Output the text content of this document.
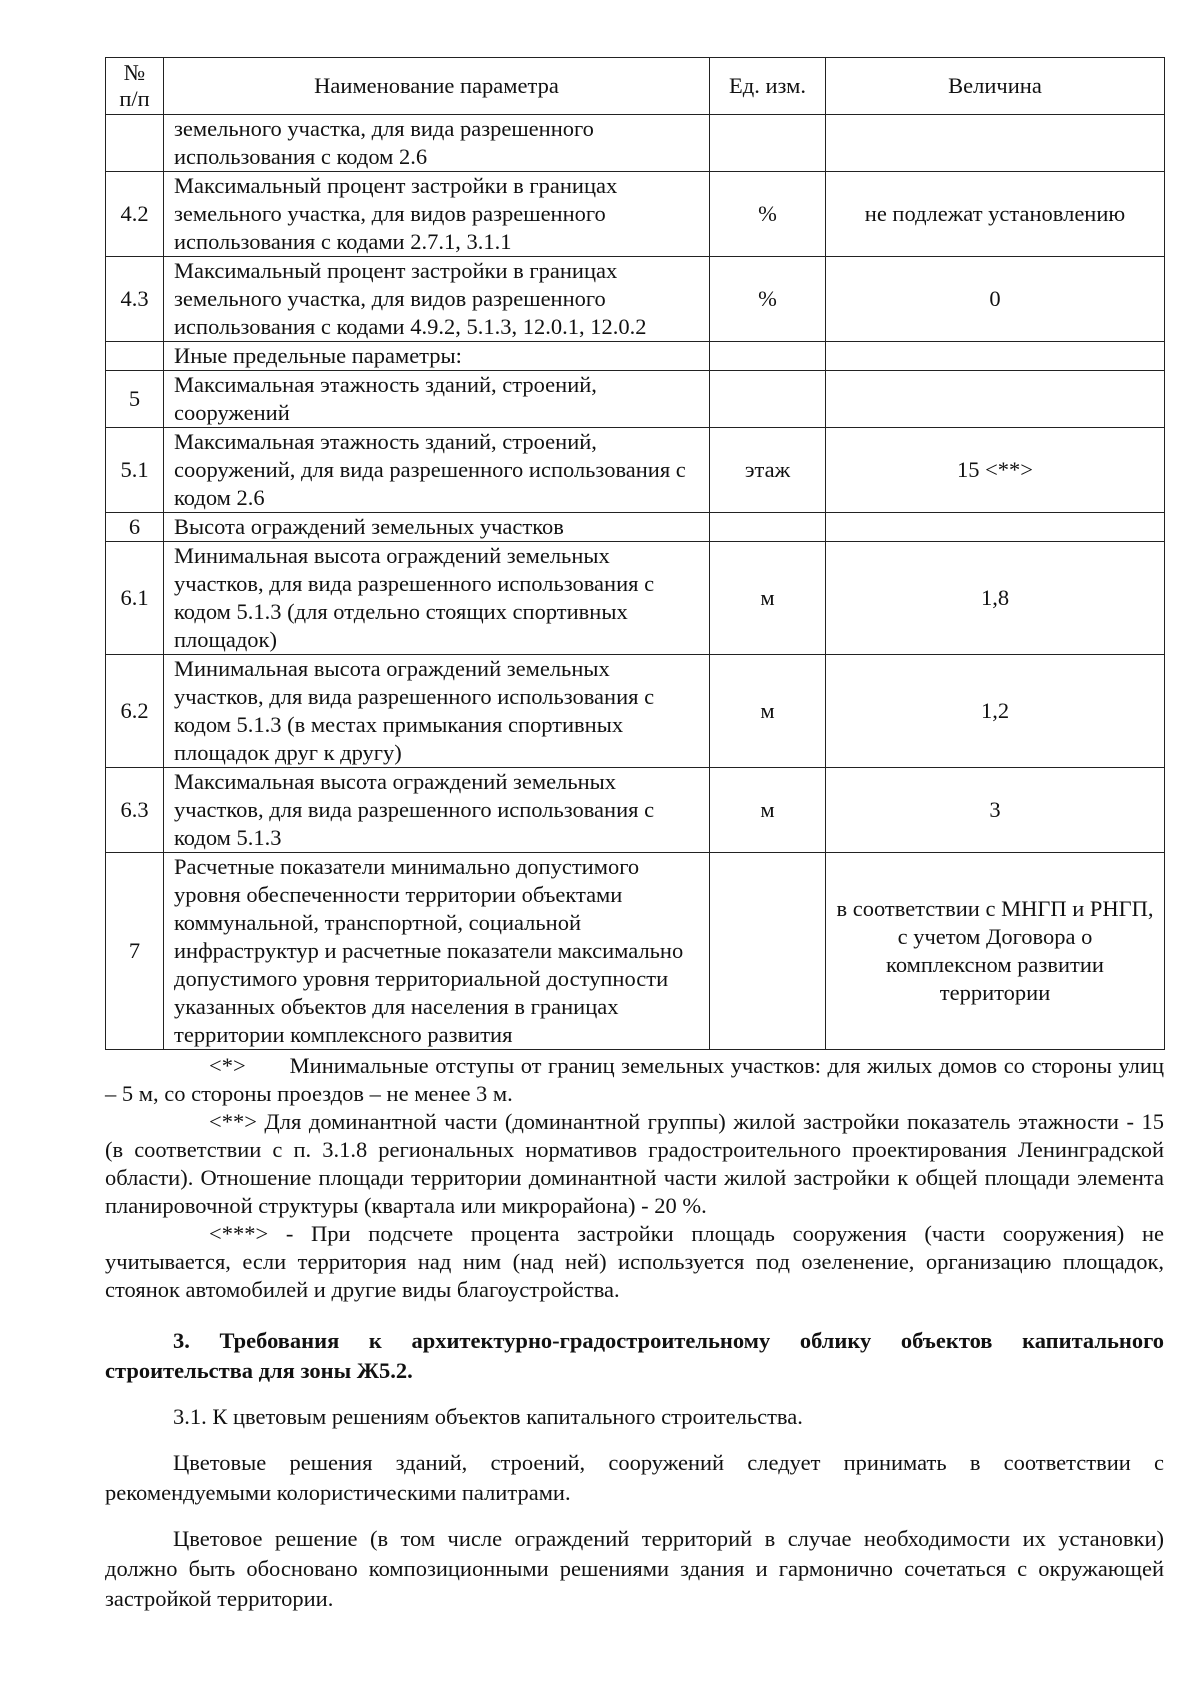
№
п/п	Наименование параметра	Ед. изм.	Величина
	земельного участка, для вида разрешенного использования с кодом 2.6		
4.2	Максимальный процент застройки в границах земельного участка, для видов разрешенного использования с кодами 2.7.1, 3.1.1	%	не подлежат установлению
4.3	Максимальный процент застройки в границах земельного участка, для видов разрешенного использования с кодами 4.9.2, 5.1.3, 12.0.1, 12.0.2	%	0
	Иные предельные параметры:		
5	Максимальная этажность зданий, строений, сооружений		
5.1	Максимальная этажность зданий, строений, сооружений, для вида разрешенного использования с кодом 2.6	этаж	15 <**>
6	Высота ограждений земельных участков		
6.1	Минимальная высота ограждений земельных участков, для вида разрешенного использования с кодом 5.1.3 (для отдельно стоящих спортивных площадок)	м	1,8
6.2	Минимальная высота ограждений земельных участков, для вида разрешенного использования с кодом 5.1.3 (в местах примыкания спортивных площадок друг к другу)	м	1,2
6.3	Максимальная высота ограждений земельных участков, для вида разрешенного использования с кодом 5.1.3	м	3
7	Расчетные показатели минимально допустимого уровня обеспеченности территории объектами коммунальной, транспортной, социальной инфраструктур и расчетные показатели максимально допустимого уровня территориальной доступности указанных объектов для населения в границах территории комплексного развития		в соответствии с МНГП и РНГП, с учетом Договора о комплексном развитии территории

<*> Минимальные отступы от границ земельных участков: для жилых домов со стороны улиц – 5 м, со стороны проездов – не менее 3 м.

<**> Для доминантной части (доминантной группы) жилой застройки показатель этажности - 15 (в соответствии с п. 3.1.8 региональных нормативов градостроительного проектирования Ленинградской области). Отношение площади территории доминантной части жилой застройки к общей площади элемента планировочной структуры (квартала или микрорайона) - 20 %.

<***> - При подсчете процента застройки площадь сооружения (части сооружения) не учитывается, если территория над ним (над ней) используется под озеленение, организацию площадок, стоянок автомобилей и другие виды благоустройства.

3. Требования к архитектурно-градостроительному облику объектов капитального строительства для зоны Ж5.2.

3.1. К цветовым решениям объектов капитального строительства.

Цветовые решения зданий, строений, сооружений следует принимать в соответствии с рекомендуемыми колористическими палитрами.

Цветовое решение (в том числе ограждений территорий в случае необходимости их установки) должно быть обосновано композиционными решениями здания и гармонично сочетаться с окружающей застройкой территории.
